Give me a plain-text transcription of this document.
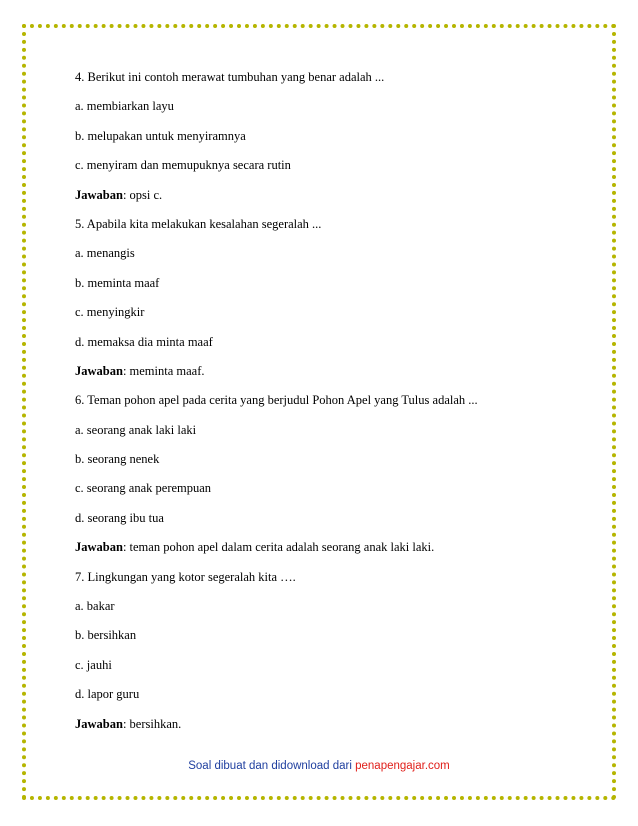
4. Berikut ini contoh merawat tumbuhan yang benar adalah ...
a. membiarkan layu
b. melupakan untuk menyiramnya
c. menyiram dan memupuknya secara rutin
Jawaban: opsi c.
5. Apabila kita melakukan kesalahan segeralah ...
a. menangis
b. meminta maaf
c. menyingkir
d. memaksa dia minta maaf
Jawaban: meminta maaf.
6. Teman pohon apel pada cerita yang berjudul Pohon Apel yang Tulus adalah ...
a. seorang anak laki laki
b. seorang nenek
c. seorang anak perempuan
d. seorang ibu tua
Jawaban: teman pohon apel dalam cerita adalah seorang anak laki laki.
7. Lingkungan yang kotor segeralah kita ….
a. bakar
b. bersihkan
c. jauhi
d. lapor guru
Jawaban: bersihkan.
Soal dibuat dan didownload dari penapengajar.com
